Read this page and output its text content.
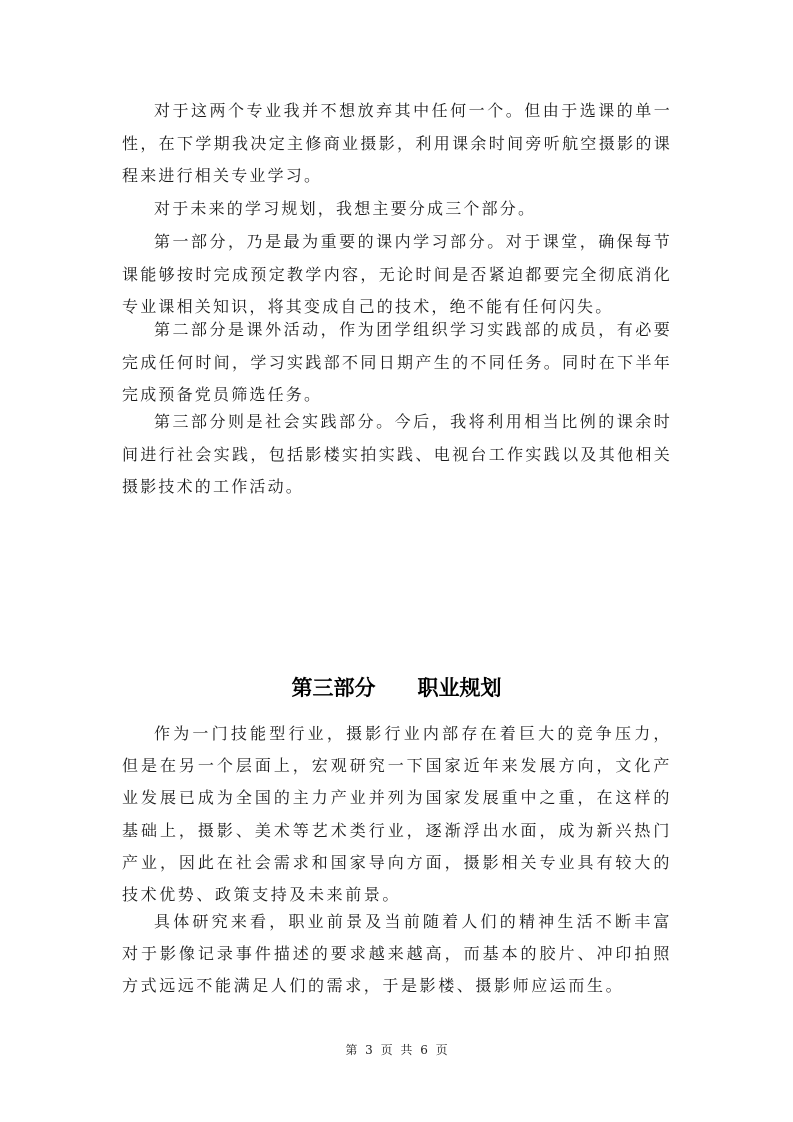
对于这两个专业我并不想放弃其中任何一个。但由于选课的单一性，在下学期我决定主修商业摄影，利用课余时间旁听航空摄影的课程来进行相关专业学习。

对于未来的学习规划，我想主要分成三个部分。

第一部分，乃是最为重要的课内学习部分。对于课堂，确保每节课能够按时完成预定教学内容，无论时间是否紧迫都要完全彻底消化专业课相关知识，将其变成自己的技术，绝不能有任何闪失。

第二部分是课外活动，作为团学组织学习实践部的成员，有必要完成任何时间，学习实践部不同日期产生的不同任务。同时在下半年完成预备党员筛选任务。

第三部分则是社会实践部分。今后，我将利用相当比例的课余时间进行社会实践，包括影楼实拍实践、电视台工作实践以及其他相关摄影技术的工作活动。

第三部分　　职业规划

作为一门技能型行业，摄影行业内部存在着巨大的竞争压力，但是在另一个层面上，宏观研究一下国家近年来发展方向，文化产业发展已成为全国的主力产业并列为国家发展重中之重，在这样的基础上，摄影、美术等艺术类行业，逐渐浮出水面，成为新兴热门产业，因此在社会需求和国家导向方面，摄影相关专业具有较大的技术优势、政策支持及未来前景。

具体研究来看，职业前景及当前随着人们的精神生活不断丰富对于影像记录事件描述的要求越来越高，而基本的胶片、冲印拍照方式远远不能满足人们的需求，于是影楼、摄影师应运而生。

第 3 页 共 6 页
